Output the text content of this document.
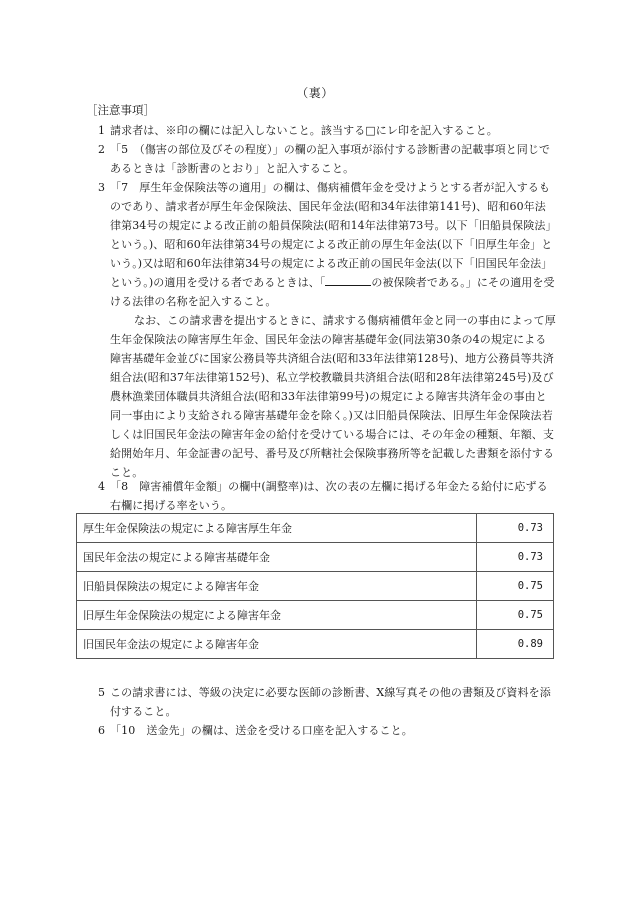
（裏）
［注意事項］

1 請求者は、※印の欄には記入しないこと。該当する□にレ印を記入すること。

2 「5　（傷害の部位及びその程度）」の欄の記入事項が添付する診断書の記載事項と同じであるときは「診断書のとおり」と記入すること。

3 「7　厚生年金保険法等の適用」の欄は、傷病補償年金を受けようとする者が記入するものであり、請求者が厚生年金保険法、国民年金法(昭和34年法律第141号)、昭和60年法律第34号の規定による改正前の船員保険法(昭和14年法律第73号。以下「旧船員保険法」という。)、昭和60年法律第34号の規定による改正前の厚生年金法(以下「旧厚生年金」という。)又は昭和60年法律第34号の規定による改正前の国民年金法(以下「旧国民年金法」という。)の適用を受ける者であるときは、「	の被保険者である。」にその適用を受ける法律の名称を記入すること。

なお、この請求書を提出するときに、請求する傷病補償年金と同一の事由によって厚生年金保険法の障害厚生年金、国民年金法の障害基礎年金(同法第30条の4の規定による障害基礎年金並びに国家公務員等共済組合法(昭和33年法律第128号)、地方公務員等共済組合法(昭和37年法律第152号)、私立学校教職員共済組合法(昭和28年法律第245号)及び農林漁業団体職員共済組合法(昭和33年法律第99号)の規定による障害共済年金の事由と同一事由により支給される障害基礎年金を除く。)又は旧船員保険法、旧厚生年金保険法若しくは旧国民年金法の障害年金の給付を受けている場合には、その年金の種類、年額、支給開始年月、年金証書の記号、番号及び所轄社会保険事務所等を記載した書類を添付すること。

4 「8　障害補償年金額」の欄中(調整率)は、次の表の左欄に掲げる年金たる給付に応ずる右欄に掲げる率をいう。

厚生年金保険法の規定による障害厚生年金	0.73
国民年金法の規定による障害基礎年金	0.73
旧船員保険法の規定による障害年金	0.75
旧厚生年金保険法の規定による障害年金	0.75
旧国民年金法の規定による障害年金	0.89

5 この請求書には、等級の決定に必要な医師の診断書、X線写真その他の書類及び資料を添付すること。

6 「10　送金先」の欄は、送金を受ける口座を記入すること。
